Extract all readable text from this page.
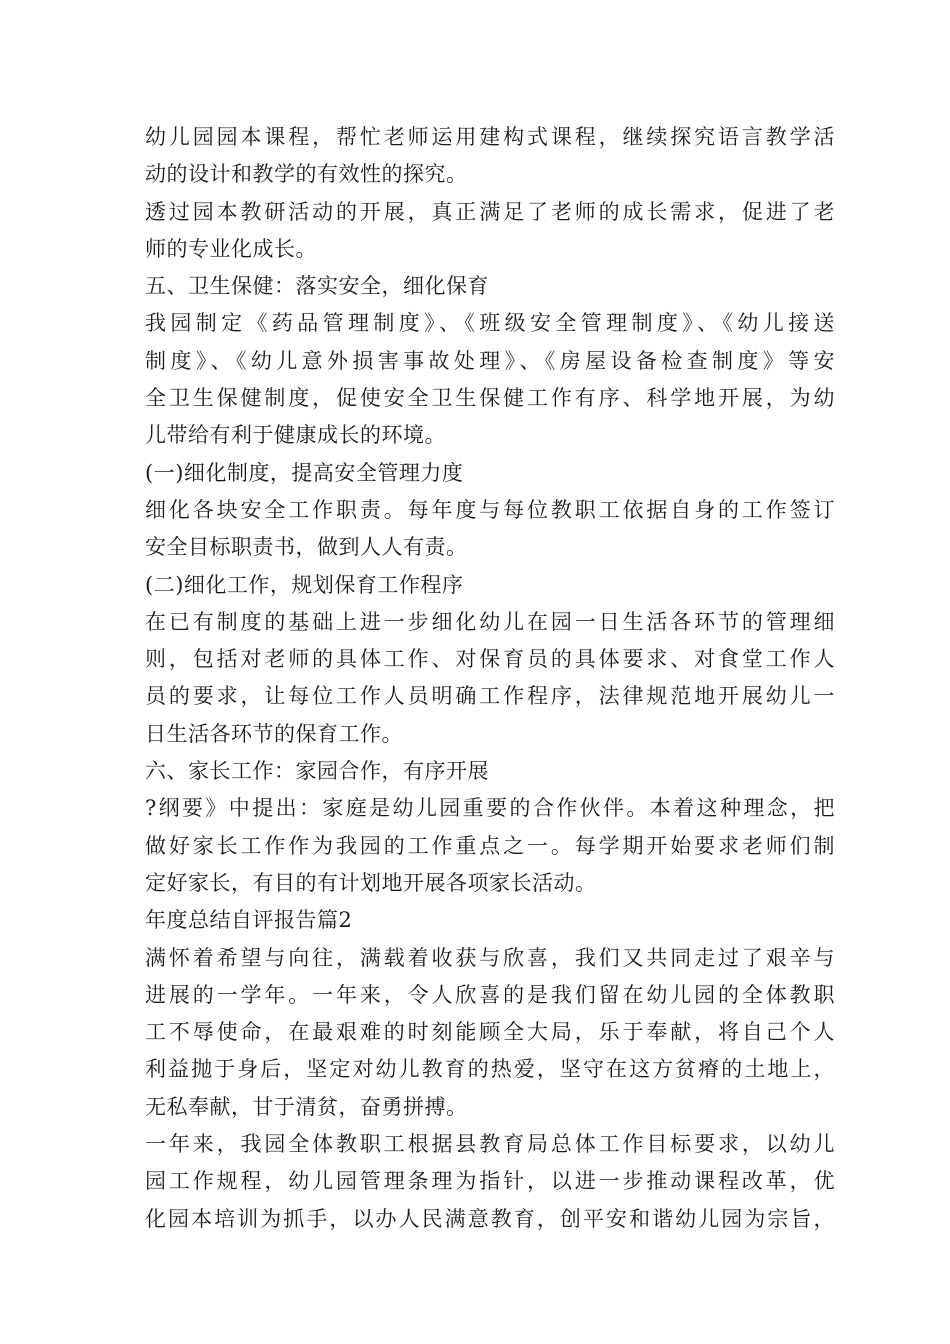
幼儿园园本课程，帮忙老师运用建构式课程，继续探究语言教学活
动的设计和教学的有效性的探究。
透过园本教研活动的开展，真正满足了老师的成长需求，促进了老
师的专业化成长。
五、卫生保健：落实安全，细化保育
我园制定《药品管理制度》、《班级安全管理制度》、《幼儿接送
制度》、《幼儿意外损害事故处理》、《房屋设备检查制度》等安
全卫生保健制度，促使安全卫生保健工作有序、科学地开展，为幼
儿带给有利于健康成长的环境。
(一)细化制度，提高安全管理力度
细化各块安全工作职责。每年度与每位教职工依据自身的工作签订
安全目标职责书，做到人人有责。
(二)细化工作，规划保育工作程序
在已有制度的基础上进一步细化幼儿在园一日生活各环节的管理细
则，包括对老师的具体工作、对保育员的具体要求、对食堂工作人
员的要求，让每位工作人员明确工作程序，法律规范地开展幼儿一
日生活各环节的保育工作。
六、家长工作：家园合作，有序开展
?纲要》中提出：家庭是幼儿园重要的合作伙伴。本着这种理念，把
做好家长工作作为我园的工作重点之一。每学期开始要求老师们制
定好家长，有目的有计划地开展各项家长活动。
年度总结自评报告篇2
满怀着希望与向往，满载着收获与欣喜，我们又共同走过了艰辛与
进展的一学年。一年来，令人欣喜的是我们留在幼儿园的全体教职
工不辱使命，在最艰难的时刻能顾全大局，乐于奉献，将自己个人
利益抛于身后，坚定对幼儿教育的热爱，坚守在这方贫瘠的土地上，
无私奉献，甘于清贫，奋勇拼搏。
一年来，我园全体教职工根据县教育局总体工作目标要求，以幼儿
园工作规程，幼儿园管理条理为指针，以进一步推动课程改革，优
化园本培训为抓手，以办人民满意教育，创平安和谐幼儿园为宗旨，
